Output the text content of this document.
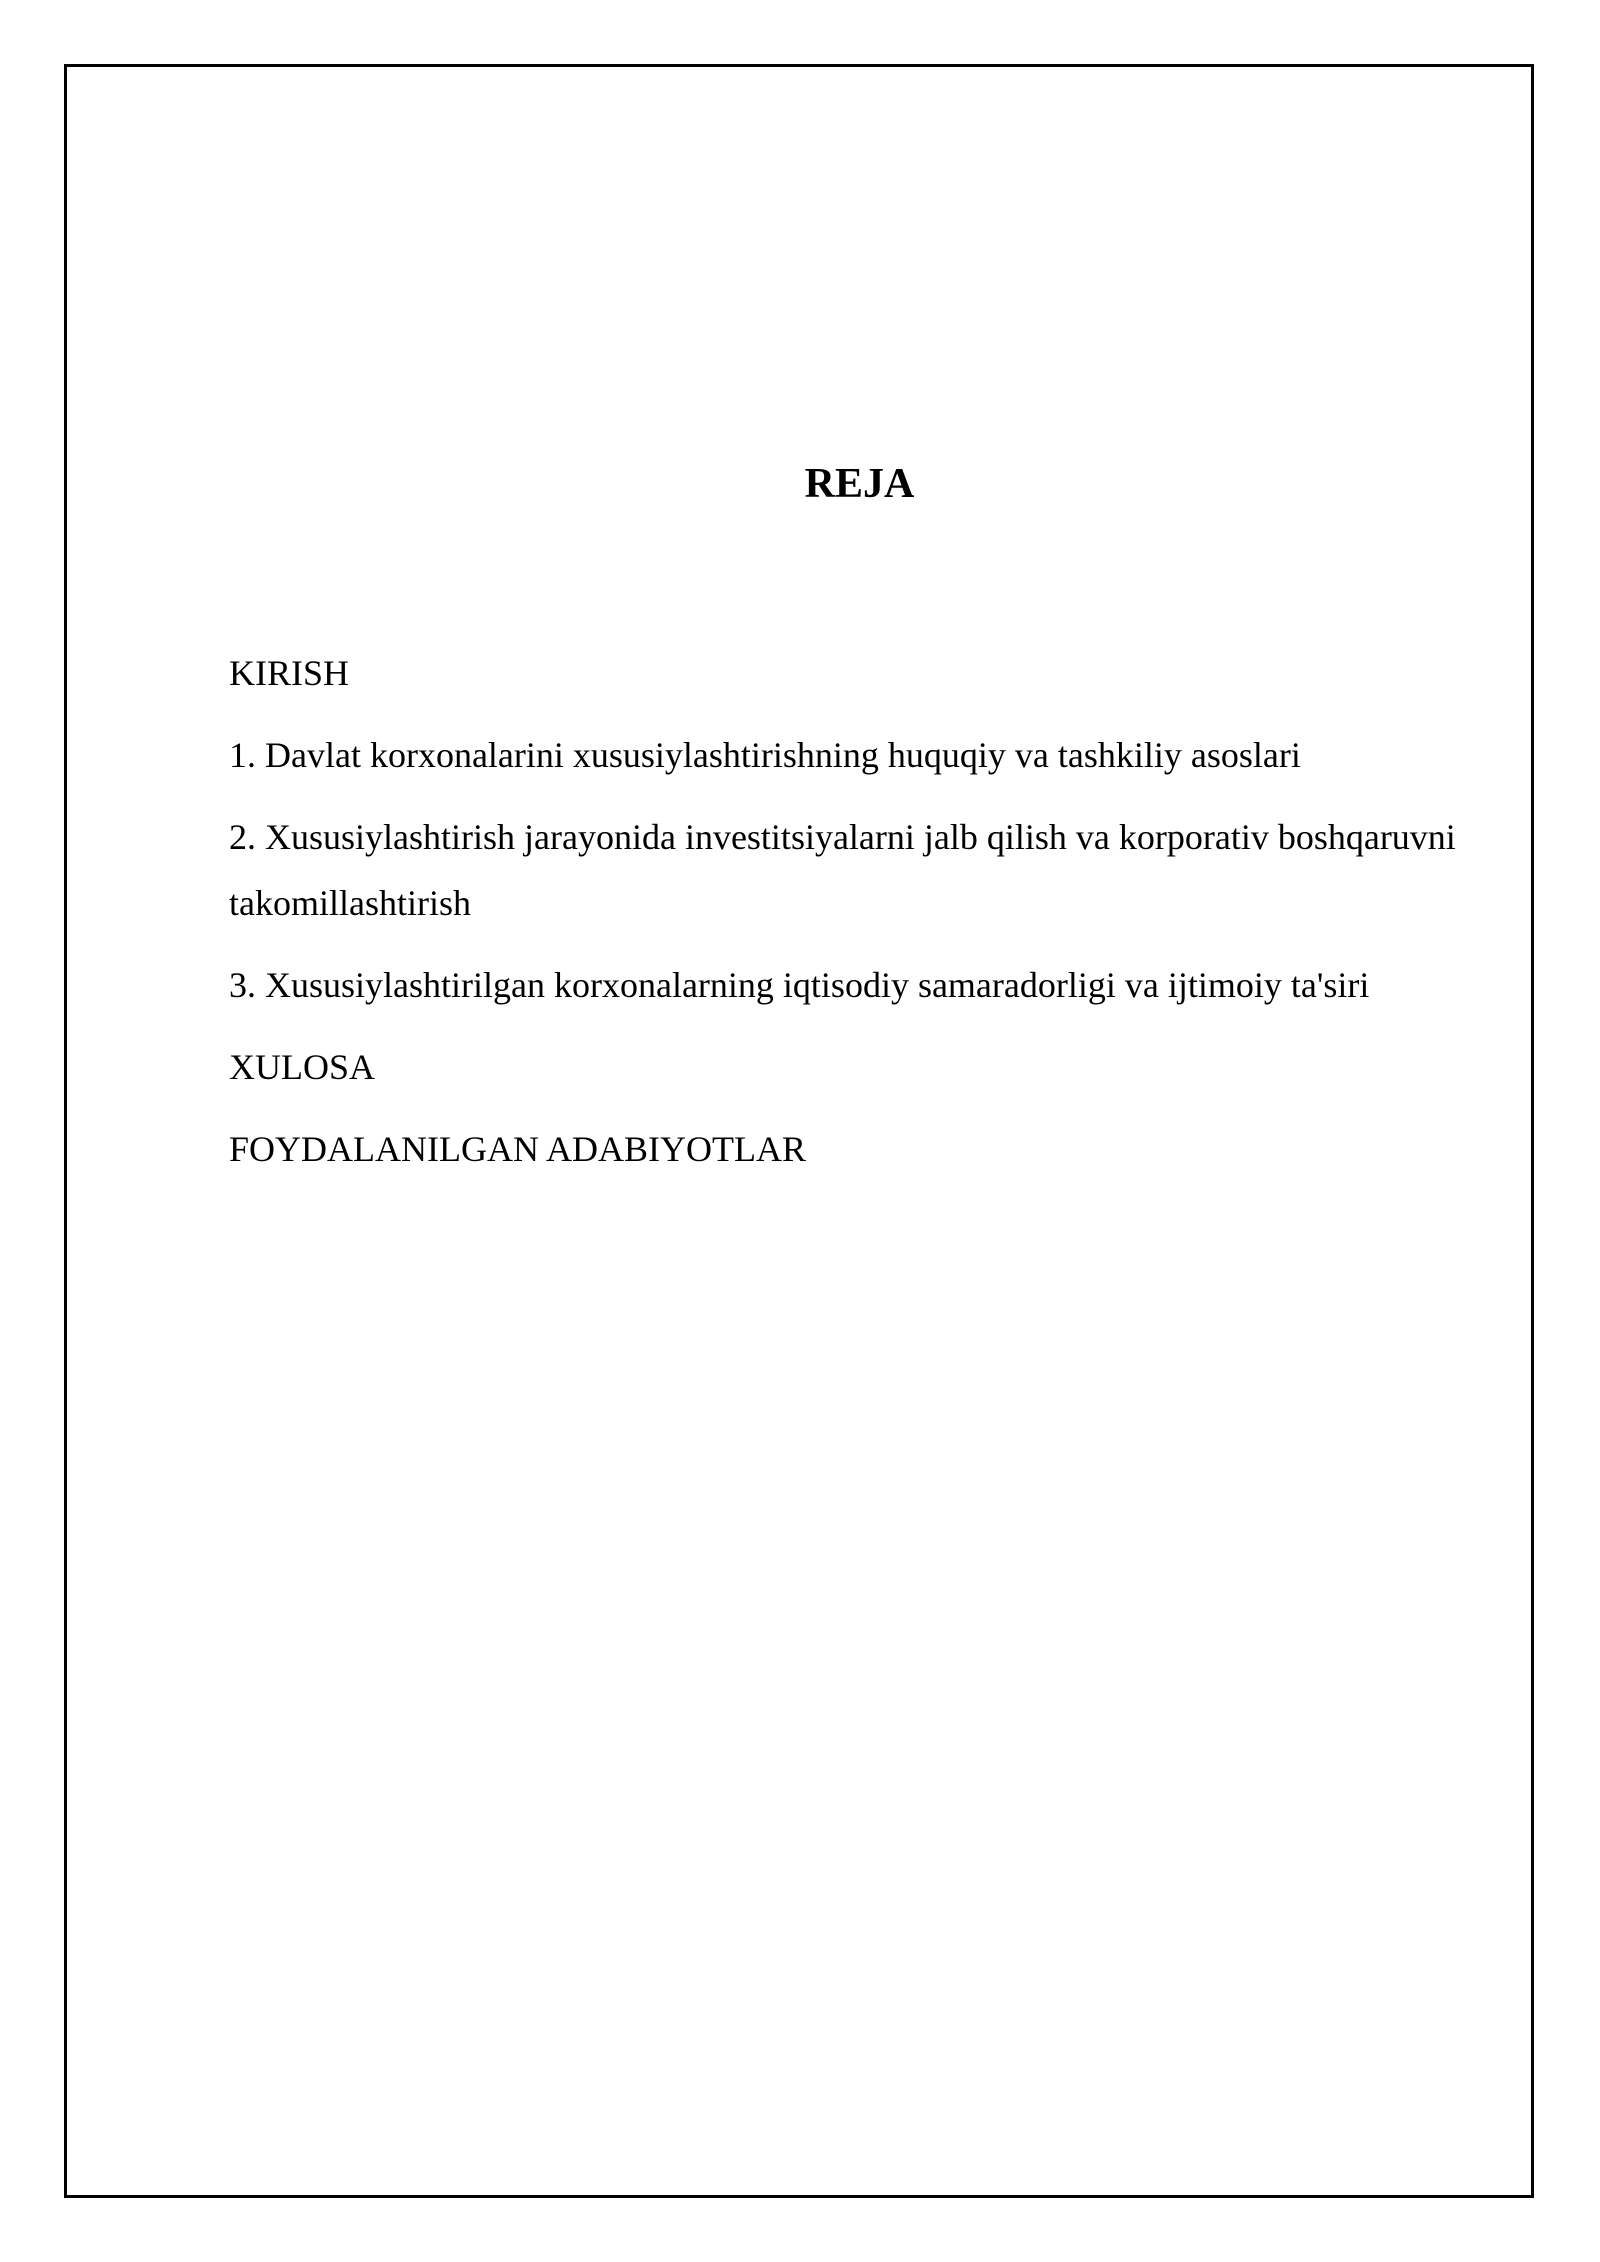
REJA
KIRISH
1. Davlat korxonalarini xususiylashtirishning huquqiy va tashkiliy asoslari
2. Xususiylashtirish jarayonida investitsiyalarni jalb qilish va korporativ boshqaruvni takomillashtirish
3. Xususiylashtirilgan korxonalarning iqtisodiy samaradorligi va ijtimoiy ta'siri
XULOSA
FOYDALANILGAN ADABIYOTLAR
